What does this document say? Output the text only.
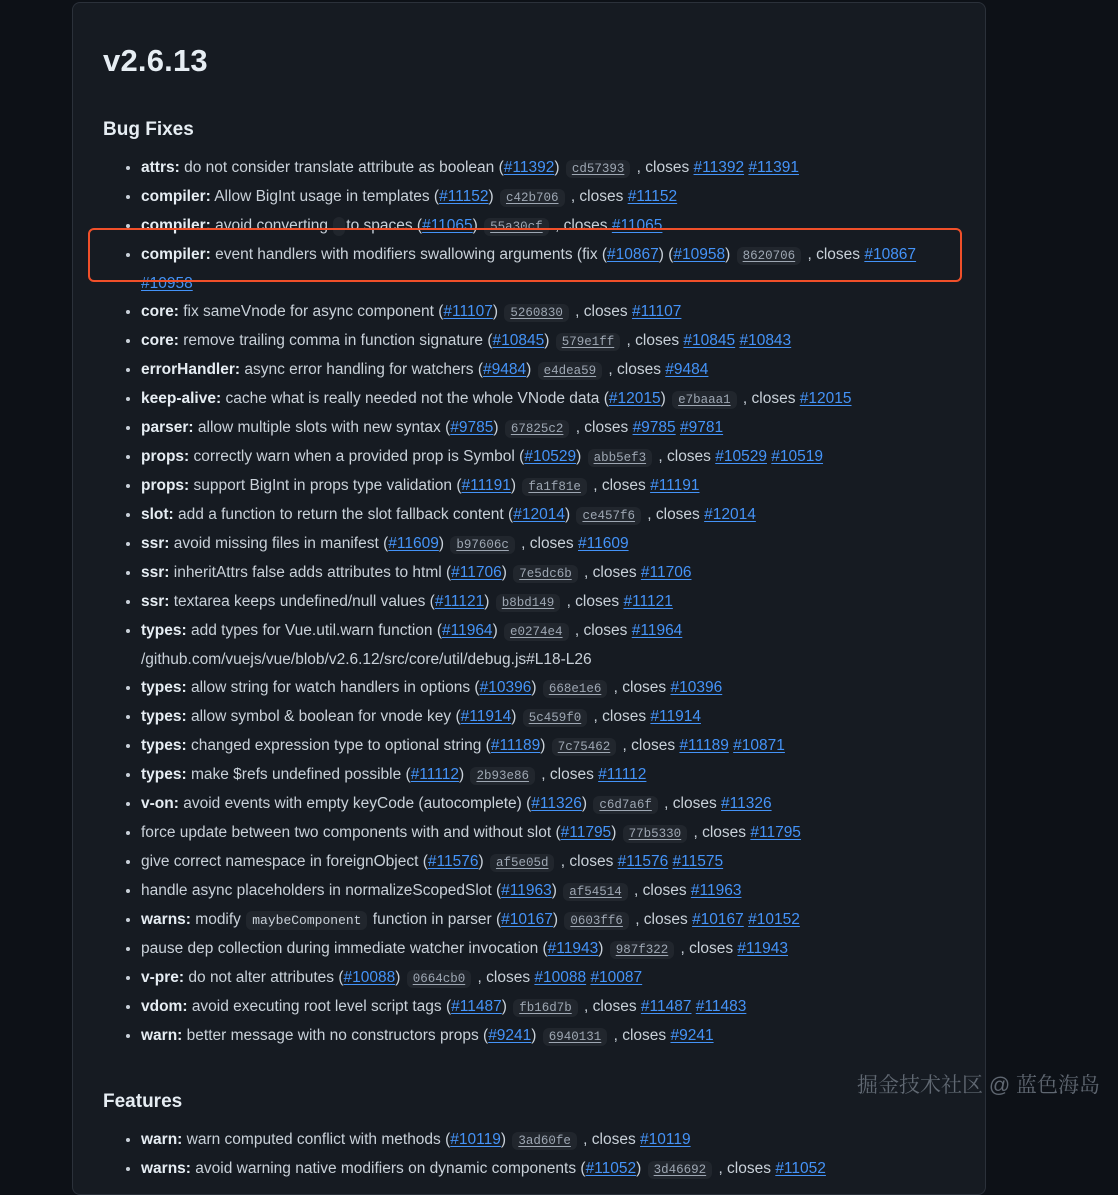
v2.6.13
Bug Fixes
• attrs: do not consider translate attribute as boolean (#11392) cd57393 , closes #11392 #11391
• compiler: Allow BigInt usage in templates (#11152) c42b706 , closes #11152
• compiler: avoid converting to spaces (#11065) 55a30cf , closes #11065
• compiler: event handlers with modifiers swallowing arguments (fix (#10867) (#10958) 8620706 , closes #10867 #10958
• core: fix sameVnode for async component (#11107) 5260830 , closes #11107
• core: remove trailing comma in function signature (#10845) 579e1ff , closes #10845 #10843
• errorHandler: async error handling for watchers (#9484) e4dea59 , closes #9484
• keep-alive: cache what is really needed not the whole VNode data (#12015) e7baaa1 , closes #12015
• parser: allow multiple slots with new syntax (#9785) 67825c2 , closes #9785 #9781
• props: correctly warn when a provided prop is Symbol (#10529) abb5ef3 , closes #10529 #10519
• props: support BigInt in props type validation (#11191) fa1f81e , closes #11191
• slot: add a function to return the slot fallback content (#12014) ce457f6 , closes #12014
• ssr: avoid missing files in manifest (#11609) b97606c , closes #11609
• ssr: inheritAttrs false adds attributes to html (#11706) 7e5dc6b , closes #11706
• ssr: textarea keeps undefined/null values (#11121) b8bd149 , closes #11121
• types: add types for Vue.util.warn function (#11964) e0274e4 , closes #11964
/github.com/vuejs/vue/blob/v2.6.12/src/core/util/debug.js#L18-L26
• types: allow string for watch handlers in options (#10396) 668e1e6 , closes #10396
• types: allow symbol & boolean for vnode key (#11914) 5c459f0 , closes #11914
• types: changed expression type to optional string (#11189) 7c75462 , closes #11189 #10871
• types: make $refs undefined possible (#11112) 2b93e86 , closes #11112
• v-on: avoid events with empty keyCode (autocomplete) (#11326) c6d7a6f , closes #11326
• force update between two components with and without slot (#11795) 77b5330 , closes #11795
• give correct namespace in foreignObject (#11576) af5e05d , closes #11576 #11575
• handle async placeholders in normalizeScopedSlot (#11963) af54514 , closes #11963
• warns: modify maybeComponent function in parser (#10167) 0603ff6 , closes #10167 #10152
• pause dep collection during immediate watcher invocation (#11943) 987f322 , closes #11943
• v-pre: do not alter attributes (#10088) 0664cb0 , closes #10088 #10087
• vdom: avoid executing root level script tags (#11487) fb16d7b , closes #11487 #11483
• warn: better message with no constructors props (#9241) 6940131 , closes #9241
Features
• warn: warn computed conflict with methods (#10119) 3ad60fe , closes #10119
• warns: avoid warning native modifiers on dynamic components (#11052) 3d46692 , closes #11052
掘金技术社区 @ 蓝色海岛
